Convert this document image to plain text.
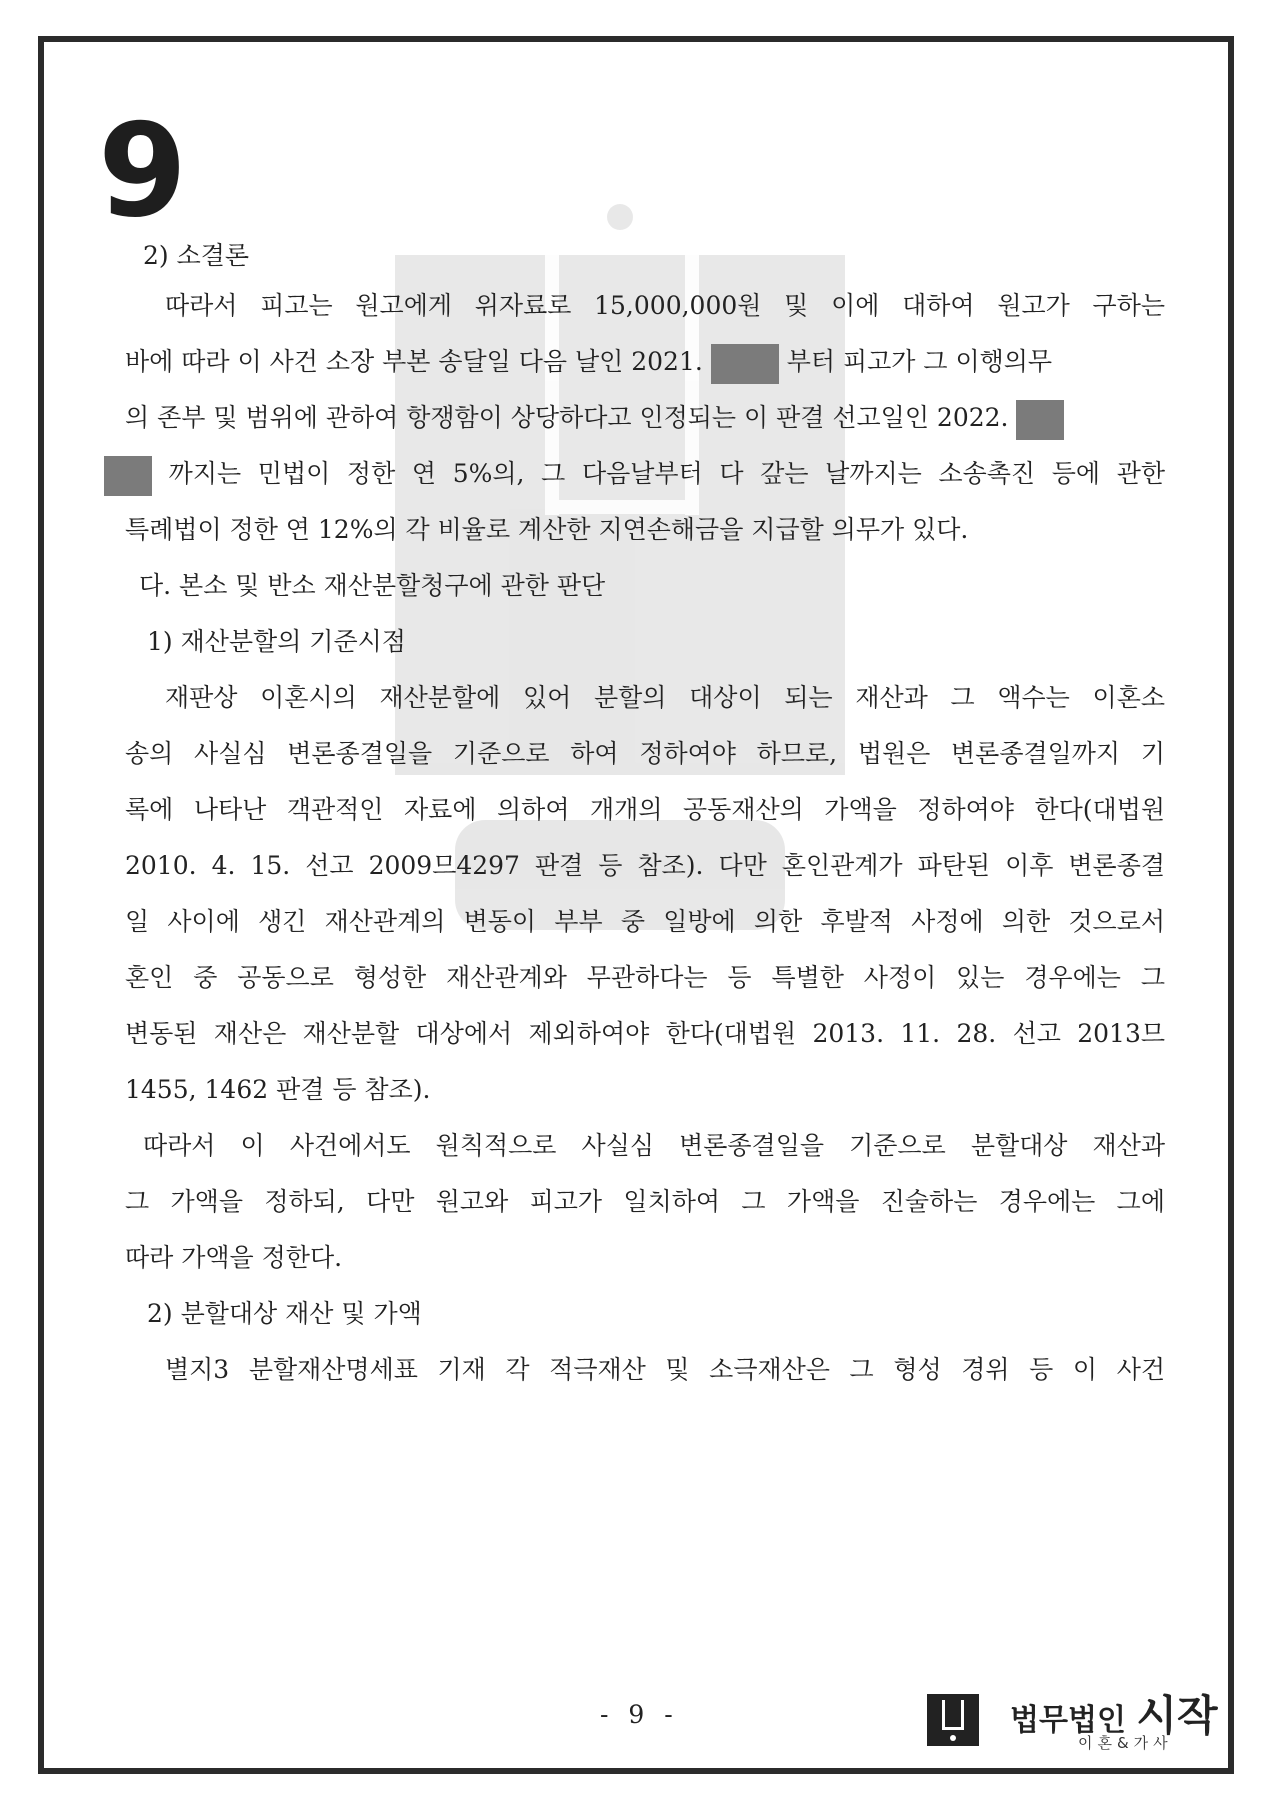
9
2) 소결론
따라서 피고는 원고에게 위자료로 15,000,000원 및 이에 대하여 원고가 구하는
바에 따라 이 사건 소장 부본 송달일 다음 날인 2021.	부터 피고가 그 이행의무
의 존부 및 범위에 관하여 항쟁함이 상당하다고 인정되는 이 판결 선고일인 2022.
까지는 민법이 정한 연 5%의, 그 다음날부터 다 갚는 날까지는 소송촉진 등에 관한
특례법이 정한 연 12%의 각 비율로 계산한 지연손해금을 지급할 의무가 있다.
다. 본소 및 반소 재산분할청구에 관한 판단
1) 재산분할의 기준시점
재판상 이혼시의 재산분할에 있어 분할의 대상이 되는 재산과 그 액수는 이혼소
송의 사실심 변론종결일을 기준으로 하여 정하여야 하므로, 법원은 변론종결일까지 기
록에 나타난 객관적인 자료에 의하여 개개의 공동재산의 가액을 정하여야 한다(대법원
2010. 4. 15. 선고 2009므4297 판결 등 참조). 다만 혼인관계가 파탄된 이후 변론종결
일 사이에 생긴 재산관계의 변동이 부부 중 일방에 의한 후발적 사정에 의한 것으로서
혼인 중 공동으로 형성한 재산관계와 무관하다는 등 특별한 사정이 있는 경우에는 그
변동된 재산은 재산분할 대상에서 제외하여야 한다(대법원 2013. 11. 28. 선고 2013므
1455, 1462 판결 등 참조).
따라서 이 사건에서도 원칙적으로 사실심 변론종결일을 기준으로 분할대상 재산과
그 가액을 정하되, 다만 원고와 피고가 일치하여 그 가액을 진술하는 경우에는 그에
따라 가액을 정한다.
2) 분할대상 재산 및 가액
별지3 분할재산명세표 기재 각 적극재산 및 소극재산은 그 형성 경위 등 이 사건
- 9 -	법무법인 시작
이혼&가사
